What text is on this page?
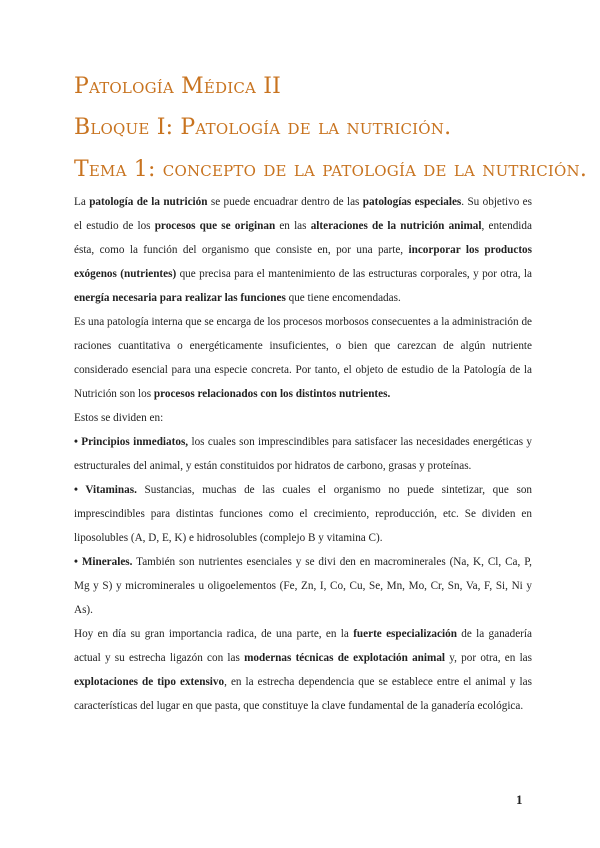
Patología Médica II
Bloque I: Patología de la nutrición.
Tema 1: concepto de la patología de la nutrición.

La patología de la nutrición se puede encuadrar dentro de las patologías especiales. Su objetivo es el estudio de los procesos que se originan en las alteraciones de la nutrición animal, entendida ésta, como la función del organismo que consiste en, por una parte, incorporar los productos exógenos (nutrientes) que precisa para el mantenimiento de las estructuras corporales, y por otra, la energía necesaria para realizar las funciones que tiene encomendadas.

Es una patología interna que se encarga de los procesos morbosos consecuentes a la administración de raciones cuantitativa o energéticamente insuficientes, o bien que carezcan de algún nutriente considerado esencial para una especie concreta. Por tanto, el objeto de estudio de la Patología de la Nutrición son los procesos relacionados con los distintos nutrientes.

Estos se dividen en:

• Principios inmediatos, los cuales son imprescindibles para satisfacer las necesidades energéticas y estructurales del animal, y están constituidos por hidratos de carbono, grasas y proteínas.

• Vitaminas. Sustancias, muchas de las cuales el organismo no puede sintetizar, que son imprescindibles para distintas funciones como el crecimiento, reproducción, etc. Se dividen en liposolubles (A, D, E, K) e hidrosolubles (complejo B y vitamina C).

• Minerales. También son nutrientes esenciales y se divi den en macrominerales (Na, K, Cl, Ca, P, Mg y S) y microminerales u oligoelementos (Fe, Zn, I, Co, Cu, Se, Mn, Mo, Cr, Sn, Va, F, Si, Ni y As).

Hoy en día su gran importancia radica, de una parte, en la fuerte especialización de la ganadería actual y su estrecha ligazón con las modernas técnicas de explotación animal y, por otra, en las explotaciones de tipo extensivo, en la estrecha dependencia que se establece entre el animal y las características del lugar en que pasta, que constituye la clave fundamental de la ganadería ecológica.

1
